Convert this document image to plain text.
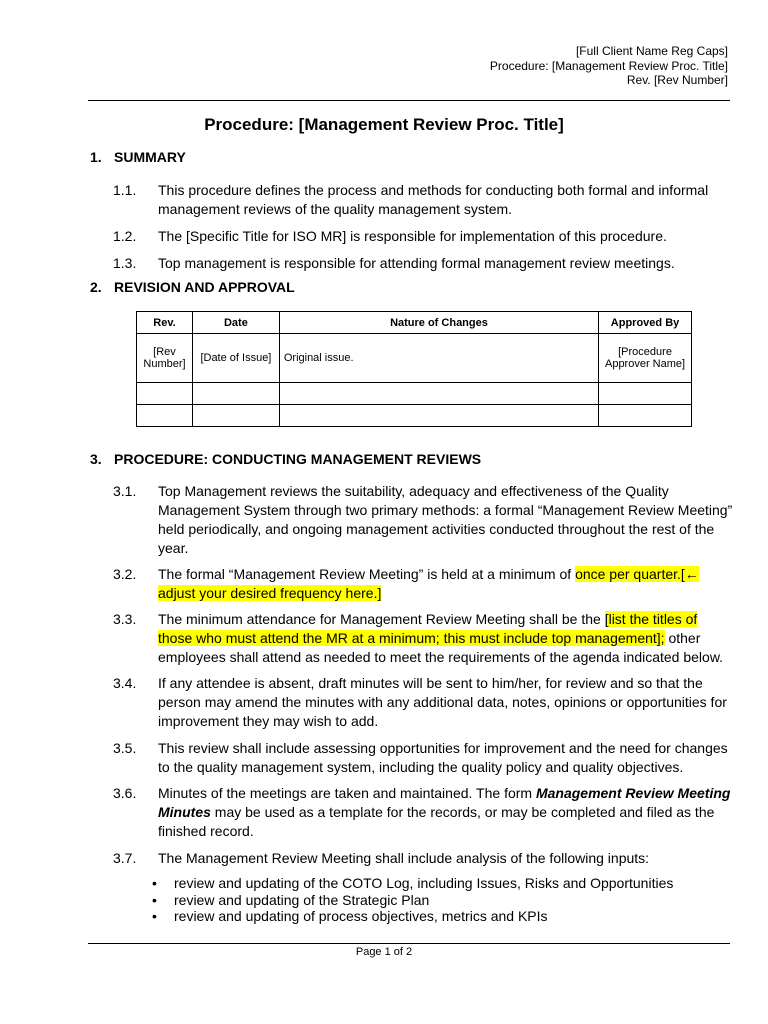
[Full Client Name Reg Caps]
Procedure: [Management Review Proc. Title]
Rev. [Rev Number]
Procedure: [Management Review Proc. Title]
1. SUMMARY
1.1. This procedure defines the process and methods for conducting both formal and informal management reviews of the quality management system.
1.2. The [Specific Title for ISO MR] is responsible for implementation of this procedure.
1.3. Top management is responsible for attending formal management review meetings.
2. REVISION AND APPROVAL
Rev.	Date	Nature of Changes	Approved By
[Rev Number]	[Date of Issue]	Original issue.	[Procedure Approver Name]

3. PROCEDURE: CONDUCTING MANAGEMENT REVIEWS
3.1. Top Management reviews the suitability, adequacy and effectiveness of the Quality Management System through two primary methods: a formal “Management Review Meeting” held periodically, and ongoing management activities conducted throughout the rest of the year.
3.2. The formal “Management Review Meeting” is held at a minimum of once per quarter.[← adjust your desired frequency here.]
3.3. The minimum attendance for Management Review Meeting shall be the [list the titles of those who must attend the MR at a minimum; this must include top management]; other employees shall attend as needed to meet the requirements of the agenda indicated below.
3.4. If any attendee is absent, draft minutes will be sent to him/her, for review and so that the person may amend the minutes with any additional data, notes, opinions or opportunities for improvement they may wish to add.
3.5. This review shall include assessing opportunities for improvement and the need for changes to the quality management system, including the quality policy and quality objectives.
3.6. Minutes of the meetings are taken and maintained. The form Management Review Meeting Minutes may be used as a template for the records, or may be completed and filed as the finished record.
3.7. The Management Review Meeting shall include analysis of the following inputs:
• review and updating of the COTO Log, including Issues, Risks and Opportunities
• review and updating of the Strategic Plan
• review and updating of process objectives, metrics and KPIs
Page 1 of 2
